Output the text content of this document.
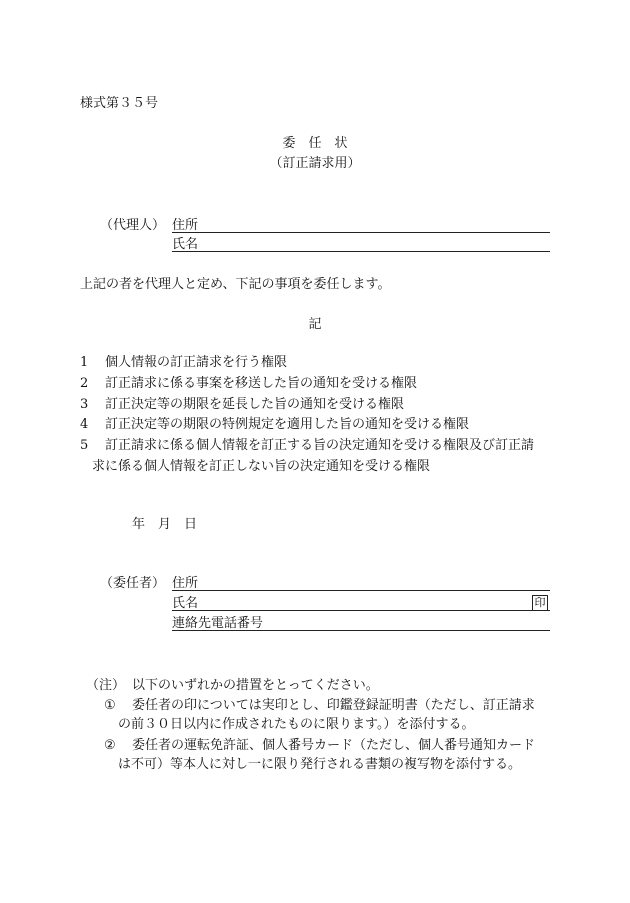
様式第３５号
委　任　状
（訂正請求用）
（代理人） 住所
氏名
上記の者を代理人と定め、下記の事項を委任します。
記
1 個人情報の訂正請求を行う権限
2 訂正請求に係る事案を移送した旨の通知を受ける権限
3 訂正決定等の期限を延長した旨の通知を受ける権限
4 訂正決定等の期限の特例規定を適用した旨の通知を受ける権限
5 訂正請求に係る個人情報を訂正する旨の決定通知を受ける権限及び訂正請
求に係る個人情報を訂正しない旨の決定通知を受ける権限
年　月　日
（委任者） 住所
氏名	印
連絡先電話番号
（注） 以下のいずれかの措置をとってください。
① 委任者の印については実印とし、印鑑登録証明書（ただし、訂正請求
の前３０日以内に作成されたものに限ります。）を添付する。
② 委任者の運転免許証、個人番号カード（ただし、個人番号通知カード
は不可）等本人に対し一に限り発行される書類の複写物を添付する。
